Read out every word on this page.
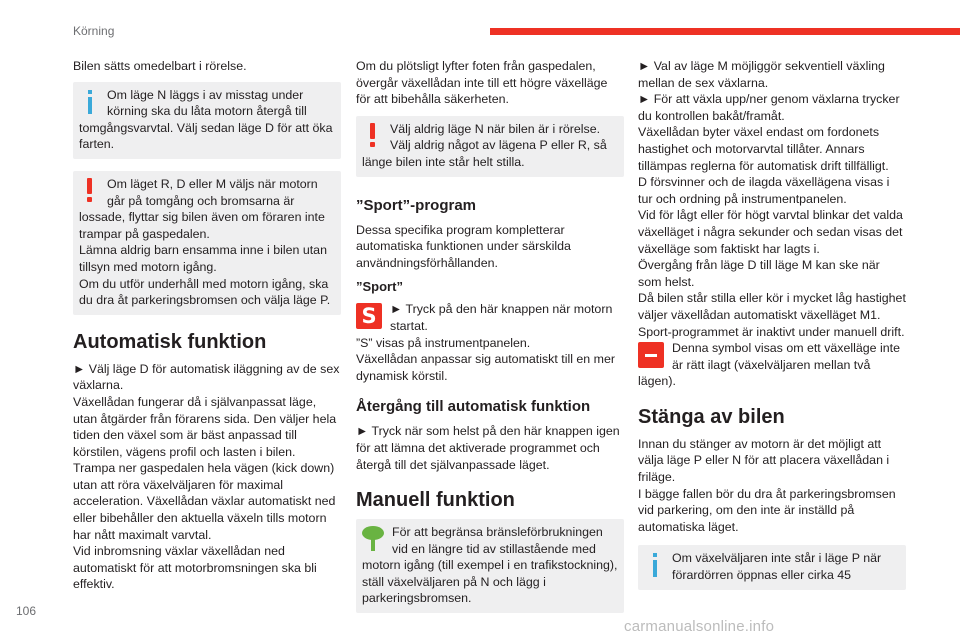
Körning

Bilen sätts omedelbart i rörelse.

Om läge N läggs i av misstag under körning ska du låta motorn återgå till tomgångsvarvtal. Välj sedan läge D för att öka farten.

Om läget R, D eller M väljs när motorn går på tomgång och bromsarna är lossade, flyttar sig bilen även om föraren inte trampar på gaspedalen.

Lämna aldrig barn ensamma inne i bilen utan tillsyn med motorn igång.

Om du utför underhåll med motorn igång, ska du dra åt parkeringsbromsen och välja läge P.

Automatisk funktion

► Välj läge D för automatisk iläggning av de sex växlarna.

Växellådan fungerar då i självanpassat läge, utan åtgärder från förarens sida. Den väljer hela tiden den växel som är bäst anpassad till körstilen, vägens profil och lasten i bilen.

Trampa ner gaspedalen hela vägen (kick down) utan att röra växelväljaren för maximal acceleration. Växellådan växlar automatiskt ned eller bibehåller den aktuella växeln tills motorn har nått maximalt varvtal.

Vid inbromsning växlar växellådan ned automatiskt för att motorbromsningen ska bli effektiv.

Om du plötsligt lyfter foten från gaspedalen, övergår växellådan inte till ett högre växelläge för att bibehålla säkerheten.

Välj aldrig läge N när bilen är i rörelse.

Välj aldrig något av lägena P eller R, så länge bilen inte står helt stilla.

”Sport”-program

Dessa specifika program kompletterar automatiska funktionen under särskilda användningsförhållanden.

”Sport”
S	► Tryck på den här knappen när motorn startat.

”S” visas på instrumentpanelen.

Växellådan anpassar sig automatiskt till en mer dynamisk körstil.

Återgång till automatisk funktion

► Tryck när som helst på den här knappen igen för att lämna det aktiverade programmet och återgå till det självanpassade läget.

Manuell funktion
För att begränsa bränsleförbrukningen vid en längre tid av stillastående med motorn igång (till exempel i en trafikstockning), ställ växelväljaren på N och lägg i parkeringsbromsen.

► Val av läge M möjliggör sekventiell växling mellan de sex växlarna.

► För att växla upp/ner genom växlarna trycker du kontrollen bakåt/framåt.

Växellådan byter växel endast om fordonets hastighet och motorvarvtal tillåter. Annars tillämpas reglerna för automatisk drift tillfälligt.

D försvinner och de ilagda växellägena visas i tur och ordning på instrumentpanelen.

Vid för lågt eller för högt varvtal blinkar det valda växelläget i några sekunder och sedan visas det växelläge som faktiskt har lagts i.

Övergång från läge D till läge M kan ske när som helst.

Då bilen står stilla eller kör i mycket låg hastighet väljer växellådan automatiskt växelläget M1.

Sport-programmet är inaktivt under manuell drift.

Denna symbol visas om ett växelläge inte är rätt ilagt (växelväljaren mellan två lägen).

Stänga av bilen

Innan du stänger av motorn är det möjligt att välja läge P eller N för att placera växellådan i friläge.

I bägge fallen bör du dra åt parkeringsbromsen vid parkering, om den inte är inställd på automatiska läget.

Om växelväljaren inte står i läge P när förardörren öppnas eller cirka 45
106
carmanualsonline.info
